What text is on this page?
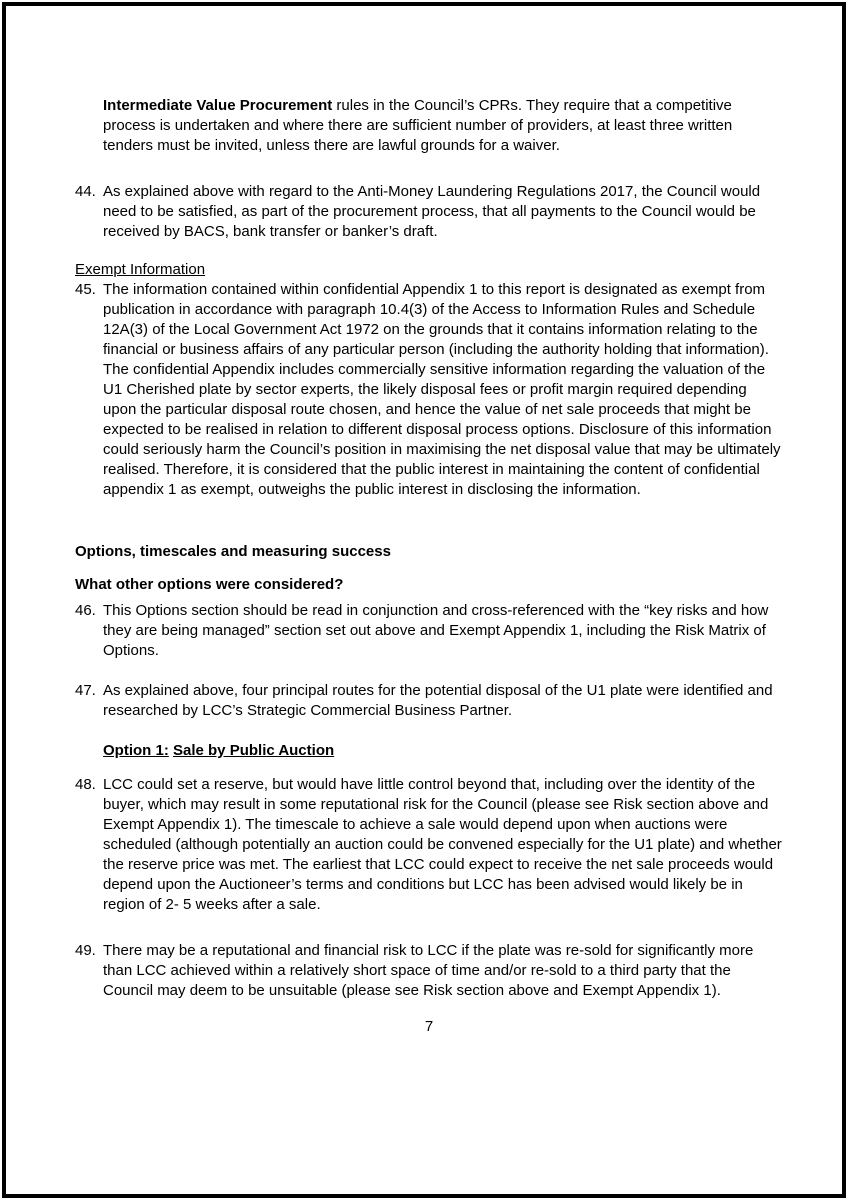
Intermediate Value Procurement rules in the Council’s CPRs. They require that a competitive process is undertaken and where there are sufficient number of providers, at least three written tenders must be invited, unless there are lawful grounds for a waiver.

44. As explained above with regard to the Anti-Money Laundering Regulations 2017, the Council would need to be satisfied, as part of the procurement process, that all payments to the Council would be received by BACS, bank transfer or banker’s draft.
Exempt Information
45. The information contained within confidential Appendix 1 to this report is designated as exempt from publication in accordance with paragraph 10.4(3) of the Access to Information Rules and Schedule 12A(3) of the Local Government Act 1972 on the grounds that it contains information relating to the financial or business affairs of any particular person (including the authority holding that information). The confidential Appendix includes commercially sensitive information regarding the valuation of the U1 Cherished plate by sector experts, the likely disposal fees or profit margin required depending upon the particular disposal route chosen, and hence the value of net sale proceeds that might be expected to be realised in relation to different disposal process options. Disclosure of this information could seriously harm the Council’s position in maximising the net disposal value that may be ultimately realised. Therefore, it is considered that the public interest in maintaining the content of confidential appendix 1 as exempt, outweighs the public interest in disclosing the information.
Options, timescales and measuring success
What other options were considered?
46. This Options section should be read in conjunction and cross-referenced with the “key risks and how they are being managed” section set out above and Exempt Appendix 1, including the Risk Matrix of Options.
47. As explained above, four principal routes for the potential disposal of the U1 plate were identified and researched by LCC’s Strategic Commercial Business Partner.
Option 1: Sale by Public Auction
48. LCC could set a reserve, but would have little control beyond that, including over the identity of the buyer, which may result in some reputational risk for the Council (please see Risk section above and Exempt Appendix 1). The timescale to achieve a sale would depend upon when auctions were scheduled (although potentially an auction could be convened especially for the U1 plate) and whether the reserve price was met. The earliest that LCC could expect to receive the net sale proceeds would depend upon the Auctioneer’s terms and conditions but LCC has been advised would likely be in region of 2- 5 weeks after a sale.
49. There may be a reputational and financial risk to LCC if the plate was re-sold for significantly more than LCC achieved within a relatively short space of time and/or re-sold to a third party that the Council may deem to be unsuitable (please see Risk section above and Exempt Appendix 1).
7
